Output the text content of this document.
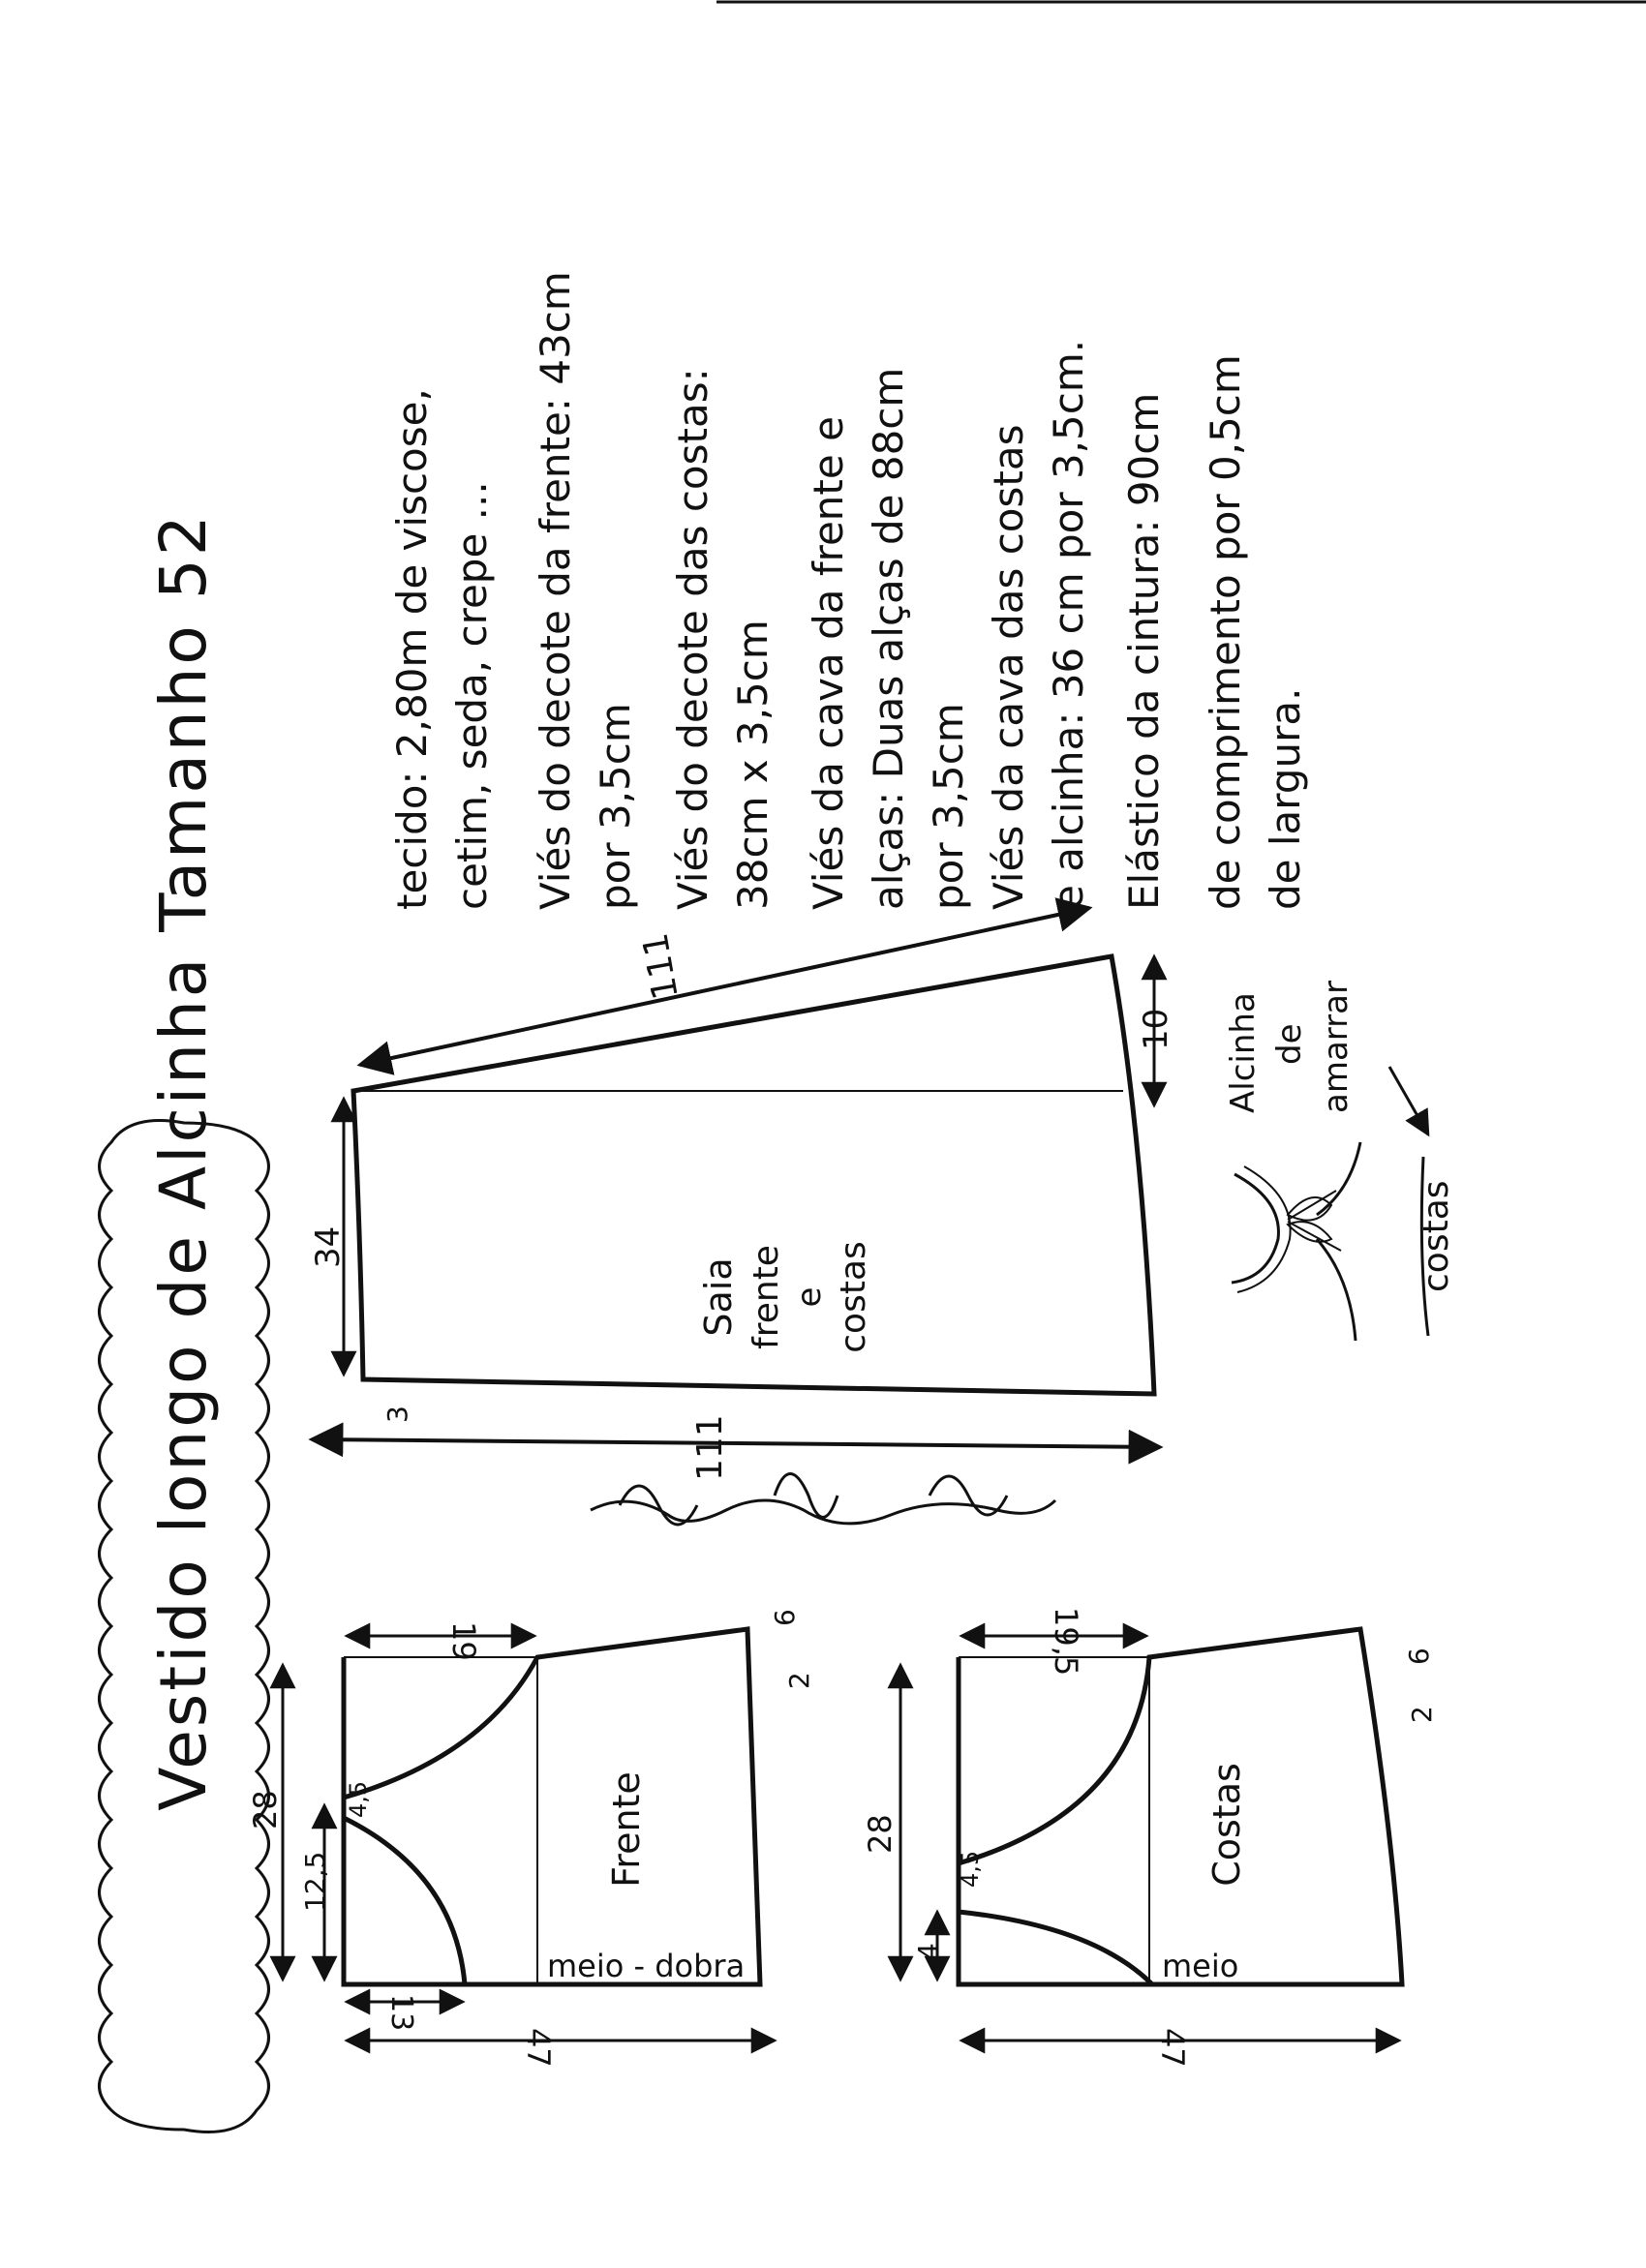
Vestido longo de Alcinha Tamanho 52	tecido: 2,80m de viscose, cetim, seda, crepe ... Viés do decote da frente: 43cm por 3,5cm Viés do decote das costas: 38cm x 3,5cm Viés da cava da frente e alças: Duas alças de 88cm por 3,5cm Viés da cava das costas e alcinha: 36 cm por 3,5cm. Elástico da cintura: 90cm de comprimento por 0,5cm de largura.
111
111
34
10
3
Saia frente e costas
Alcinha de amarrar
costas
Marlene Mukai
Frente
meio - dobra
4,5
19
28
12,5
13
47
6
2
Costas
meio
4,5
19,5
28
4
47
6
2
